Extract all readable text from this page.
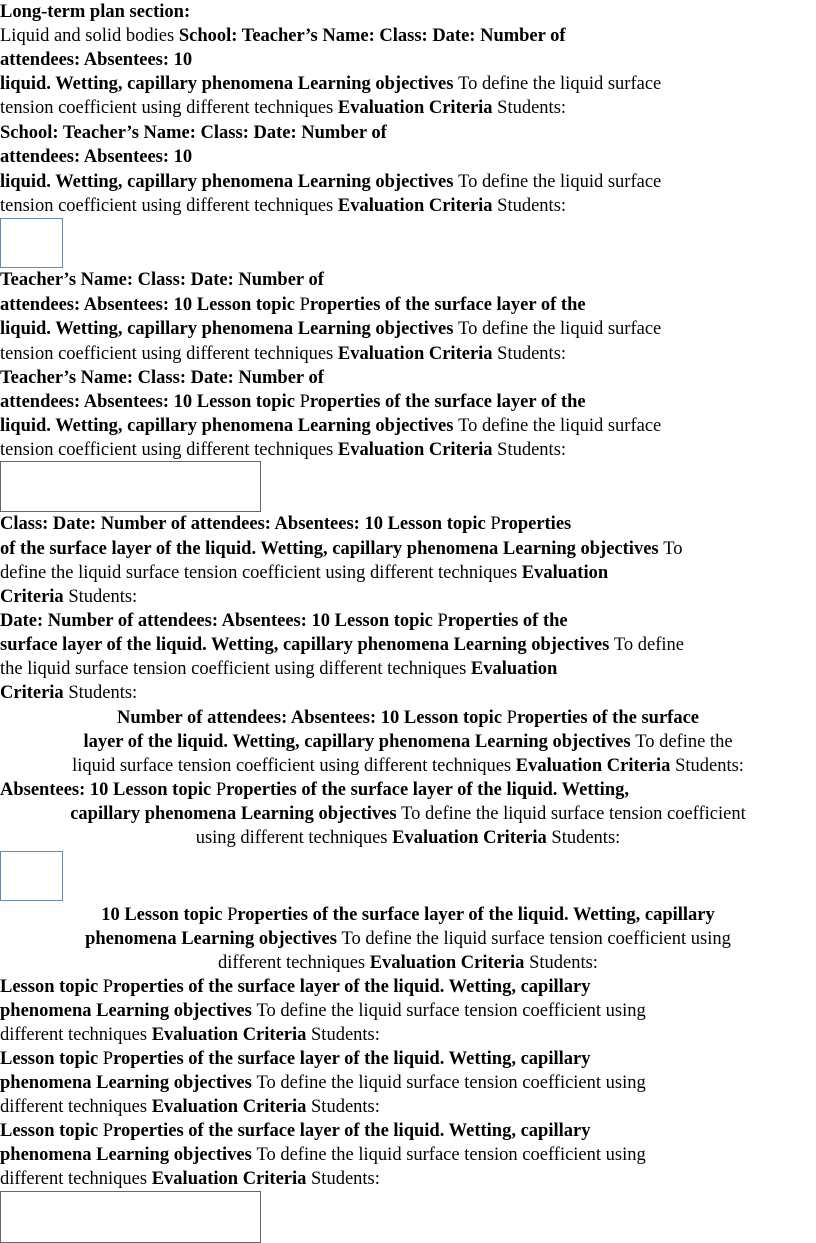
Long-term plan section:
Liquid and solid bodies School: Teacher’s Name: Class: Date: Number of
attendees: Absentees: 10
liquid. Wetting, capillary phenomena Learning objectives To define the liquid surface
tension coefficient using different techniques Evaluation Criteria Students:
School: Teacher’s Name: Class: Date: Number of
attendees: Absentees: 10
liquid. Wetting, capillary phenomena Learning objectives To define the liquid surface
tension coefficient using different techniques Evaluation Criteria Students:
Teacher’s Name: Class: Date: Number of
attendees: Absentees: 10 Lesson topic Properties of the surface layer of the
liquid. Wetting, capillary phenomena Learning objectives To define the liquid surface
tension coefficient using different techniques Evaluation Criteria Students:
Teacher’s Name: Class: Date: Number of
attendees: Absentees: 10 Lesson topic Properties of the surface layer of the
liquid. Wetting, capillary phenomena Learning objectives To define the liquid surface
tension coefficient using different techniques Evaluation Criteria Students:
Class: Date: Number of attendees: Absentees: 10 Lesson topic Properties
of the surface layer of the liquid. Wetting, capillary phenomena Learning objectives To
define the liquid surface tension coefficient using different techniques Evaluation
Criteria Students:
Date: Number of attendees: Absentees: 10 Lesson topic Properties of the
surface layer of the liquid. Wetting, capillary phenomena Learning objectives To define
the liquid surface tension coefficient using different techniques Evaluation
Criteria Students:
Number of attendees: Absentees: 10 Lesson topic Properties of the surface
layer of the liquid. Wetting, capillary phenomena Learning objectives To define the
liquid surface tension coefficient using different techniques Evaluation Criteria Students:
Absentees: 10 Lesson topic Properties of the surface layer of the liquid. Wetting,
capillary phenomena Learning objectives To define the liquid surface tension coefficient
using different techniques Evaluation Criteria Students:
10 Lesson topic Properties of the surface layer of the liquid. Wetting, capillary
phenomena Learning objectives To define the liquid surface tension coefficient using
different techniques Evaluation Criteria Students:
Lesson topic Properties of the surface layer of the liquid. Wetting, capillary
phenomena Learning objectives To define the liquid surface tension coefficient using
different techniques Evaluation Criteria Students:
Lesson topic Properties of the surface layer of the liquid. Wetting, capillary
phenomena Learning objectives To define the liquid surface tension coefficient using
different techniques Evaluation Criteria Students:
Lesson topic Properties of the surface layer of the liquid. Wetting, capillary
phenomena Learning objectives To define the liquid surface tension coefficient using
different techniques Evaluation Criteria Students:
